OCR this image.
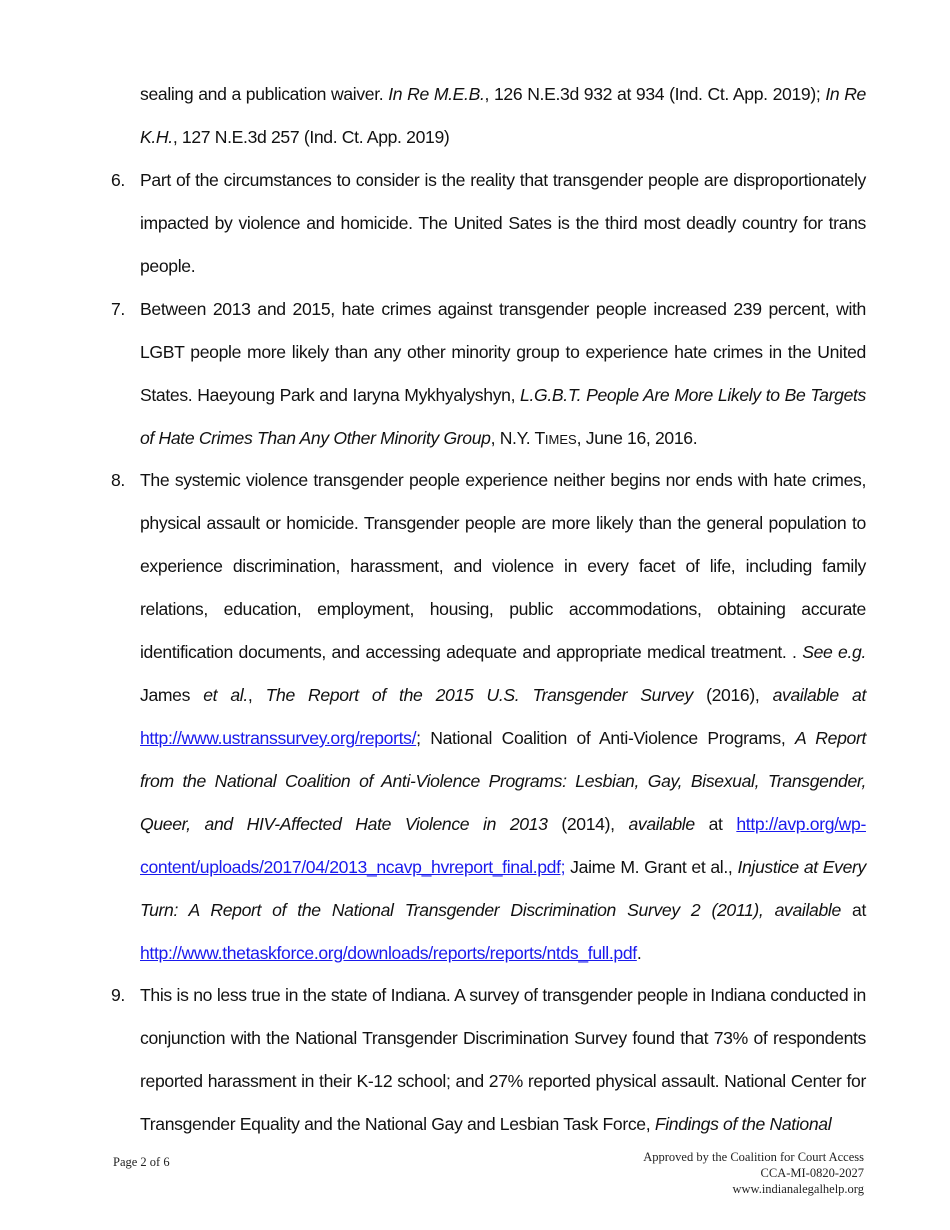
sealing and a publication waiver. In Re M.E.B., 126 N.E.3d 932 at 934 (Ind. Ct. App. 2019); In Re K.H., 127 N.E.3d 257 (Ind. Ct. App. 2019)

6. Part of the circumstances to consider is the reality that transgender people are disproportionately impacted by violence and homicide. The United Sates is the third most deadly country for trans people.

7. Between 2013 and 2015, hate crimes against transgender people increased 239 percent, with LGBT people more likely than any other minority group to experience hate crimes in the United States. Haeyoung Park and Iaryna Mykhyalyshyn, L.G.B.T. People Are More Likely to Be Targets of Hate Crimes Than Any Other Minority Group, N.Y. TIMES, June 16, 2016.

8. The systemic violence transgender people experience neither begins nor ends with hate crimes, physical assault or homicide. Transgender people are more likely than the general population to experience discrimination, harassment, and violence in every facet of life, including family relations, education, employment, housing, public accommodations, obtaining accurate identification documents, and accessing adequate and appropriate medical treatment. . See e.g. James et al., The Report of the 2015 U.S. Transgender Survey (2016), available at http://www.ustranssurvey.org/reports/; National Coalition of Anti-Violence Programs, A Report from the National Coalition of Anti-Violence Programs: Lesbian, Gay, Bisexual, Transgender, Queer, and HIV-Affected Hate Violence in 2013 (2014), available at http://avp.org/wp-content/uploads/2017/04/2013_ncavp_hvreport_final.pdf; Jaime M. Grant et al., Injustice at Every Turn: A Report of the National Transgender Discrimination Survey 2 (2011), available at http://www.thetaskforce.org/downloads/reports/reports/ntds_full.pdf.

9. This is no less true in the state of Indiana. A survey of transgender people in Indiana conducted in conjunction with the National Transgender Discrimination Survey found that 73% of respondents reported harassment in their K-12 school; and 27% reported physical assault. National Center for Transgender Equality and the National Gay and Lesbian Task Force, Findings of the National

Page 2 of 6	Approved by the Coalition for Court Access
CCA-MI-0820-2027
www.indianalegalhelp.org
